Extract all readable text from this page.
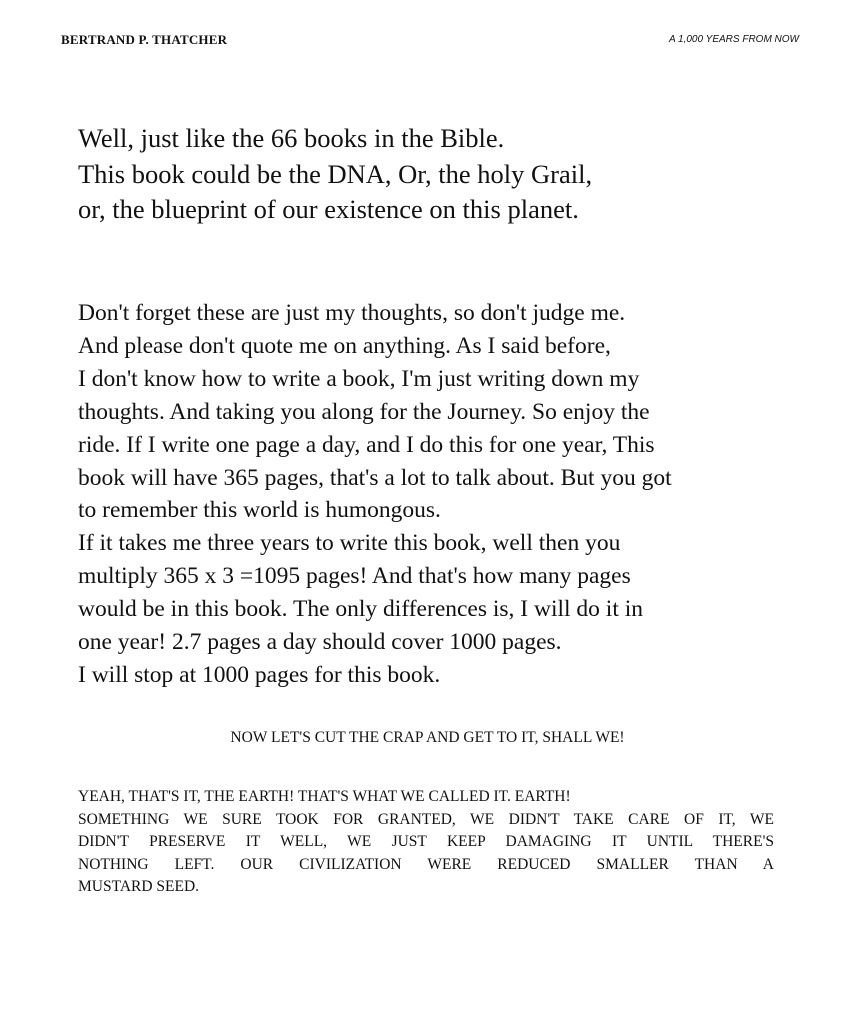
BERTRAND P. THATCHER	A 1,000 YEARS FROM NOW
Well, just like the 66 books in the Bible.
This book could be the DNA, Or, the holy Grail,
or, the blueprint of our existence on this planet.
Don't forget these are just my thoughts, so don't judge me.
And please don't quote me on anything. As I said before,
I don't know how to write a book, I'm just writing down my
thoughts. And taking you along for the Journey. So enjoy the
ride. If I write one page a day, and I do this for one year, This
book will have 365 pages, that's a lot to talk about. But you got
to remember this world is humongous.
If it takes me three years to write this book, well then you
multiply 365 x 3 =1095 pages! And that's how many pages
would be in this book. The only differences is, I will do it in
one year! 2.7 pages a day should cover 1000 pages.
I will stop at 1000 pages for this book.
NOW LET'S CUT THE CRAP AND GET TO IT, SHALL WE!
YEAH, THAT'S IT, THE EARTH! THAT'S WHAT WE CALLED IT. EARTH!
SOMETHING WE SURE TOOK FOR GRANTED, WE DIDN'T TAKE CARE OF IT, WE
DIDN'T PRESERVE IT WELL, WE JUST KEEP DAMAGING IT UNTIL THERE'S
NOTHING LEFT. OUR CIVILIZATION WERE REDUCED SMALLER THAN A
MUSTARD SEED.
